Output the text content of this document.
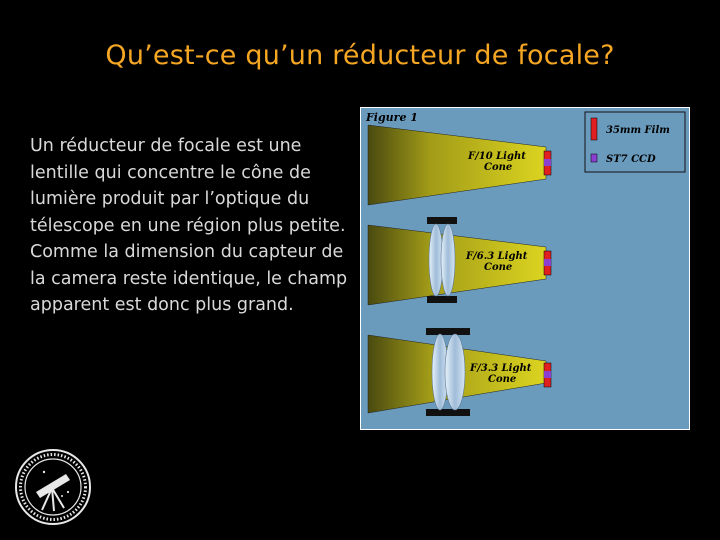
Qu’est-ce qu’un réducteur de focale?

Un réducteur de focale est une lentille qui concentre le cône de lumière produit par l’optique du télescope en une région plus petite.

Comme la dimension du capteur de la camera reste identique, le champ apparent est donc plus grand.

Figure 1
35mm Film
ST7 CCD
F/10 Light
Cone
F/6.3 Light
Cone
F/3.3 Light
Cone
